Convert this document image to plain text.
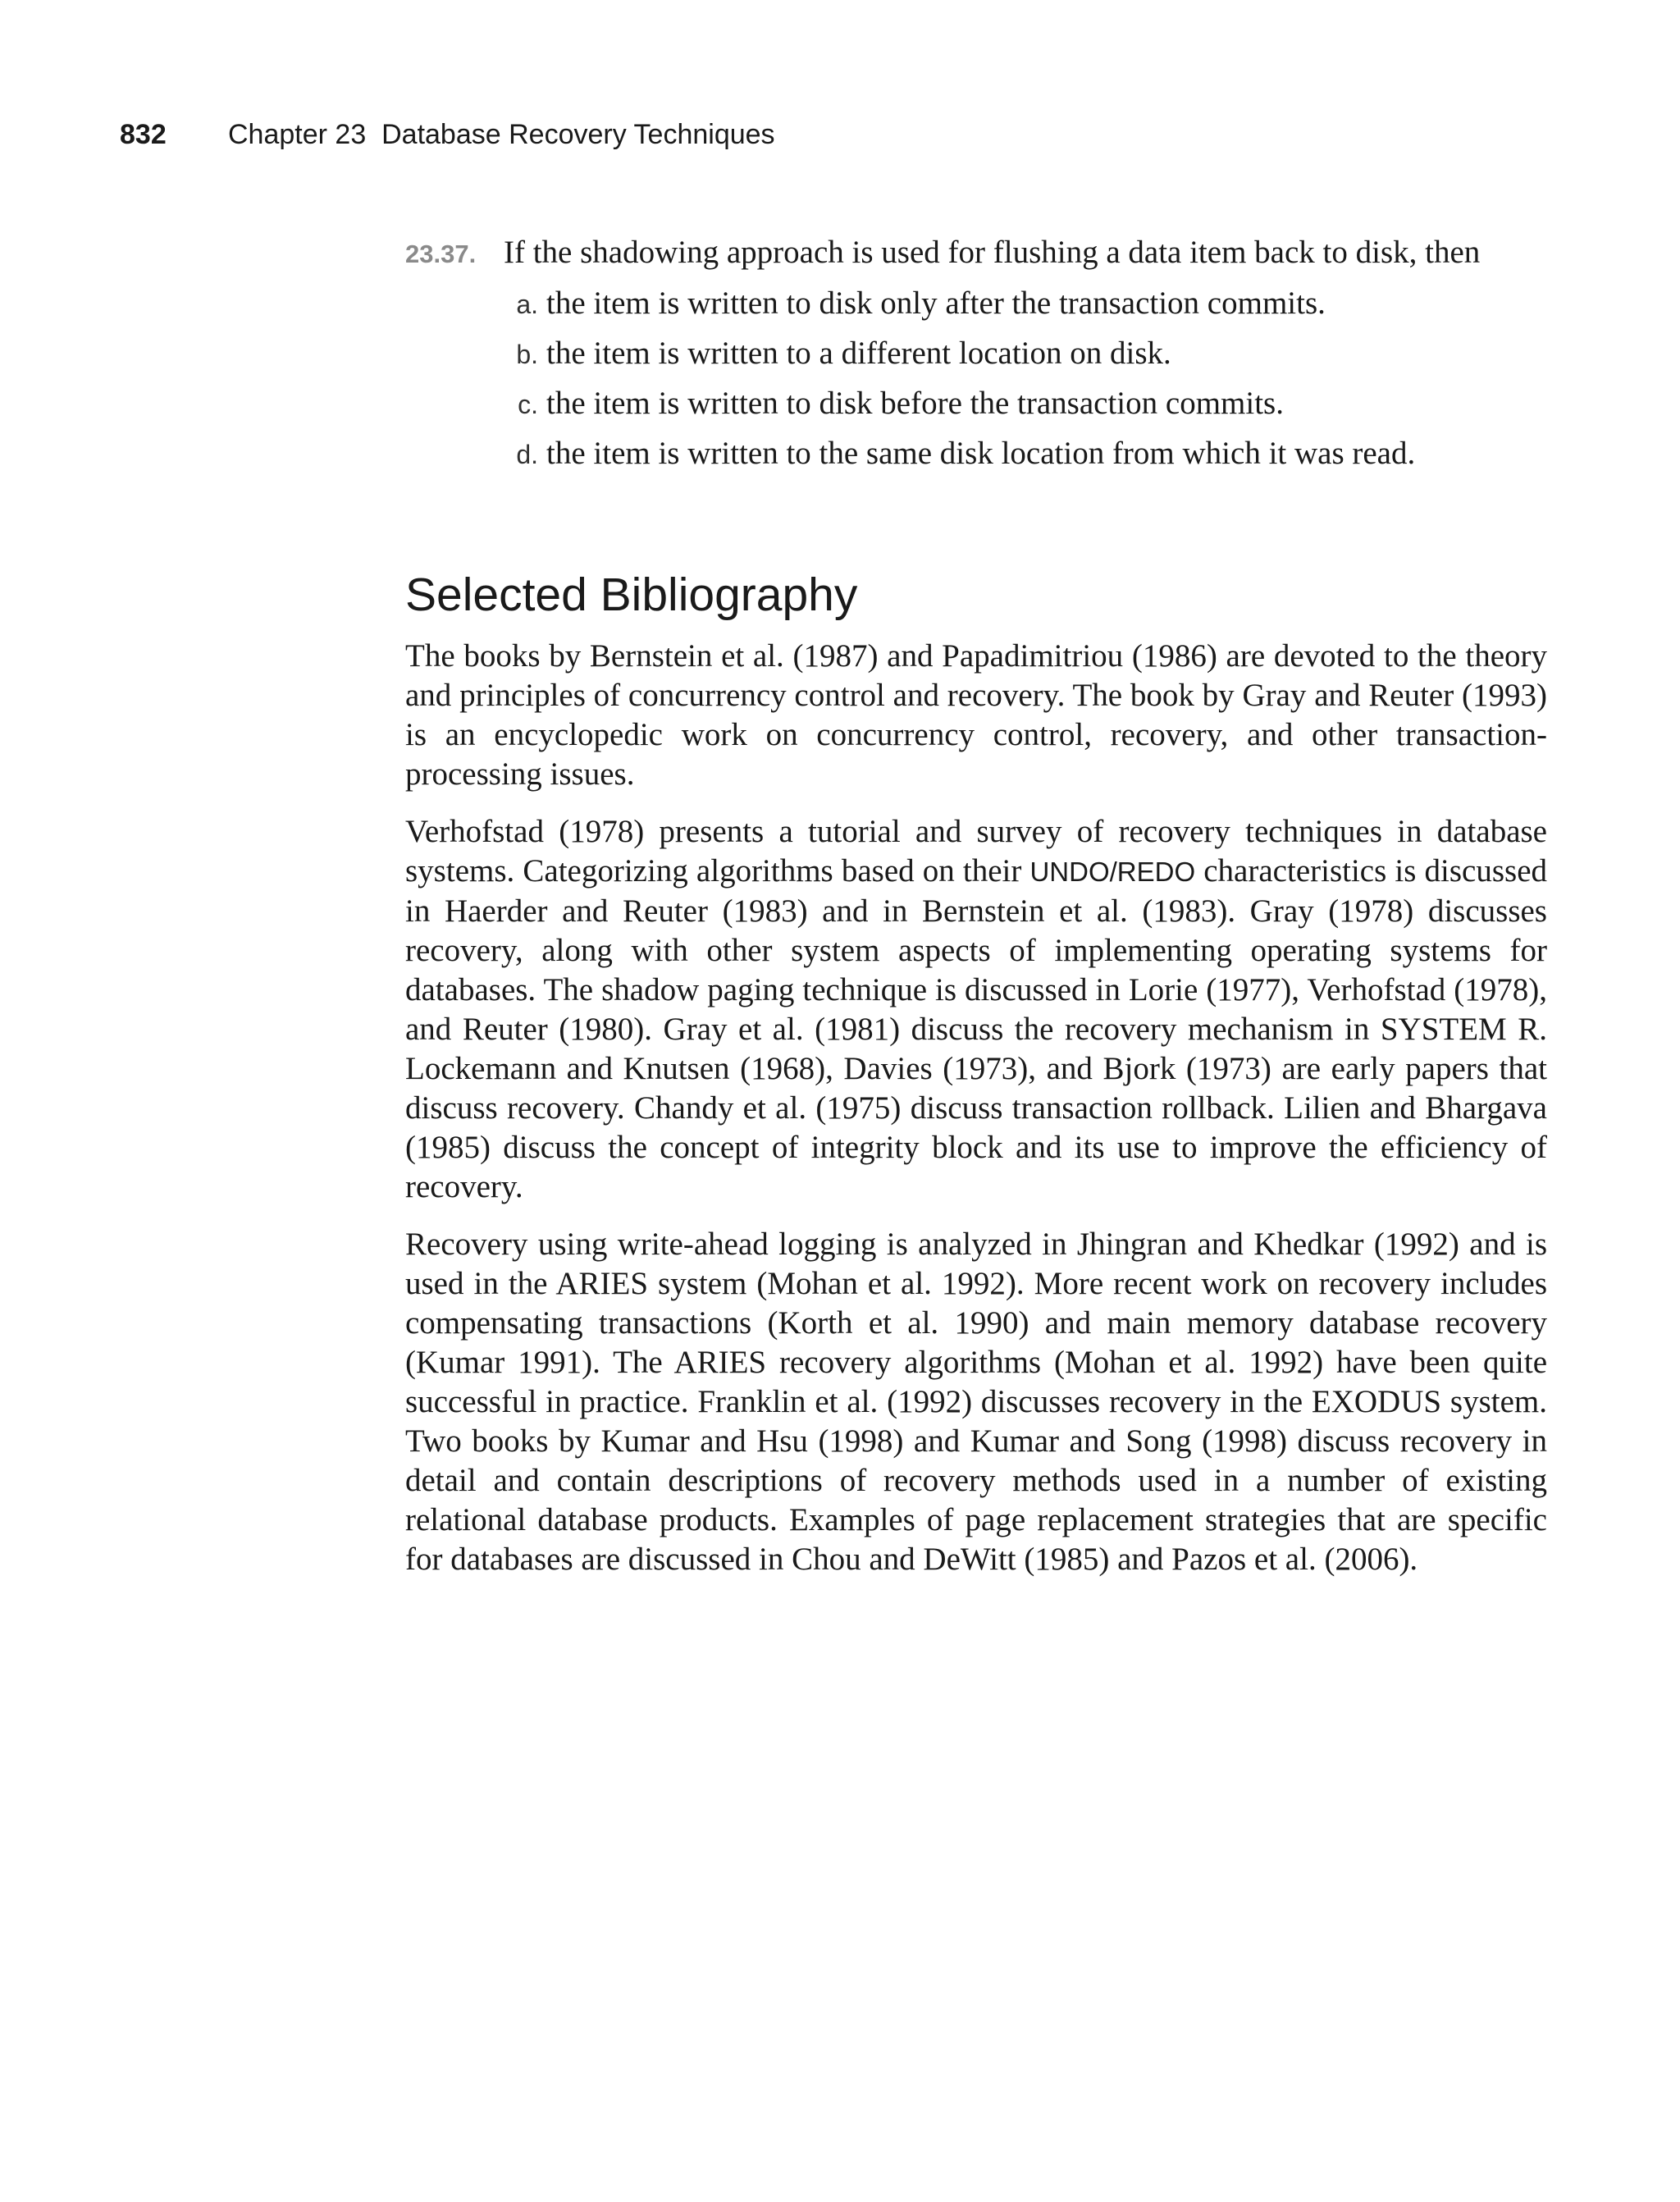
832 Chapter 23  Database Recovery Techniques
23.37. If the shadowing approach is used for flushing a data item back to disk, then
a. the item is written to disk only after the transaction commits.
b. the item is written to a different location on disk.
c. the item is written to disk before the transaction commits.
d. the item is written to the same disk location from which it was read.
Selected Bibliography

The books by Bernstein et al. (1987) and Papadimitriou (1986) are devoted to the theory and principles of concurrency control and recovery. The book by Gray and Reuter (1993) is an encyclopedic work on concurrency control, recovery, and other transaction-processing issues.

Verhofstad (1978) presents a tutorial and survey of recovery techniques in database systems. Categorizing algorithms based on their UNDO/REDO characteristics is discussed in Haerder and Reuter (1983) and in Bernstein et al. (1983). Gray (1978) discusses recovery, along with other system aspects of implementing operating systems for databases. The shadow paging technique is discussed in Lorie (1977), Verhofstad (1978), and Reuter (1980). Gray et al. (1981) discuss the recovery mechanism in SYSTEM R. Lockemann and Knutsen (1968), Davies (1973), and Bjork (1973) are early papers that discuss recovery. Chandy et al. (1975) discuss transaction rollback. Lilien and Bhargava (1985) discuss the concept of integrity block and its use to improve the efficiency of recovery.

Recovery using write-ahead logging is analyzed in Jhingran and Khedkar (1992) and is used in the ARIES system (Mohan et al. 1992). More recent work on recovery includes compensating transactions (Korth et al. 1990) and main memory database recovery (Kumar 1991). The ARIES recovery algorithms (Mohan et al. 1992) have been quite successful in practice. Franklin et al. (1992) discusses recovery in the EXODUS system. Two books by Kumar and Hsu (1998) and Kumar and Song (1998) discuss recovery in detail and contain descriptions of recovery methods used in a number of existing relational database products. Examples of page replacement strategies that are specific for databases are discussed in Chou and DeWitt (1985) and Pazos et al. (2006).
